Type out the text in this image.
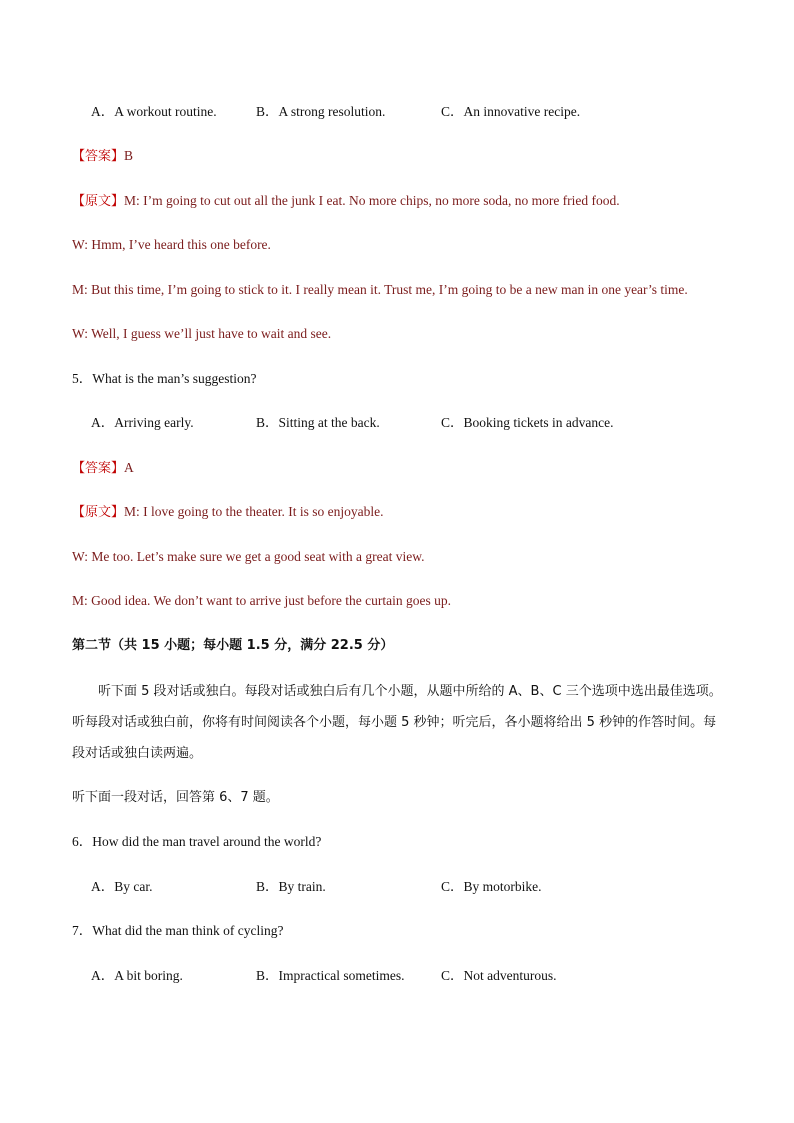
A．A workout routine.	B．A strong resolution.	C．An innovative recipe.
【答案】B
【原文】M: I’m going to cut out all the junk I eat. No more chips, no more soda, no more fried food.
W: Hmm, I’ve heard this one before.
M: But this time, I’m going to stick to it. I really mean it. Trust me, I’m going to be a new man in one year’s time.
W: Well, I guess we’ll just have to wait and see.
5．What is the man’s suggestion?
A．Arriving early.	B．Sitting at the back.	C．Booking tickets in advance.
【答案】A
【原文】M: I love going to the theater. It is so enjoyable.
W: Me too. Let’s make sure we get a good seat with a great view.
M: Good idea. We don’t want to arrive just before the curtain goes up.
第二节（共 15 小题；每小题 1.5 分，满分 22.5 分）
听下面 5 段对话或独白。每段对话或独白后有几个小题，从题中所给的 A、B、C 三个选项中选出最佳选项。听每段对话或独白前，你将有时间阅读各个小题，每小题 5 秒钟；听完后，各小题将给出 5 秒钟的作答时间。每段对话或独白读两遍。
听下面一段对话，回答第 6、7 题。
6．How did the man travel around the world?
A．By car.	B．By train.	C．By motorbike.
7．What did the man think of cycling?
A．A bit boring.	B．Impractical sometimes.	C．Not adventurous.
